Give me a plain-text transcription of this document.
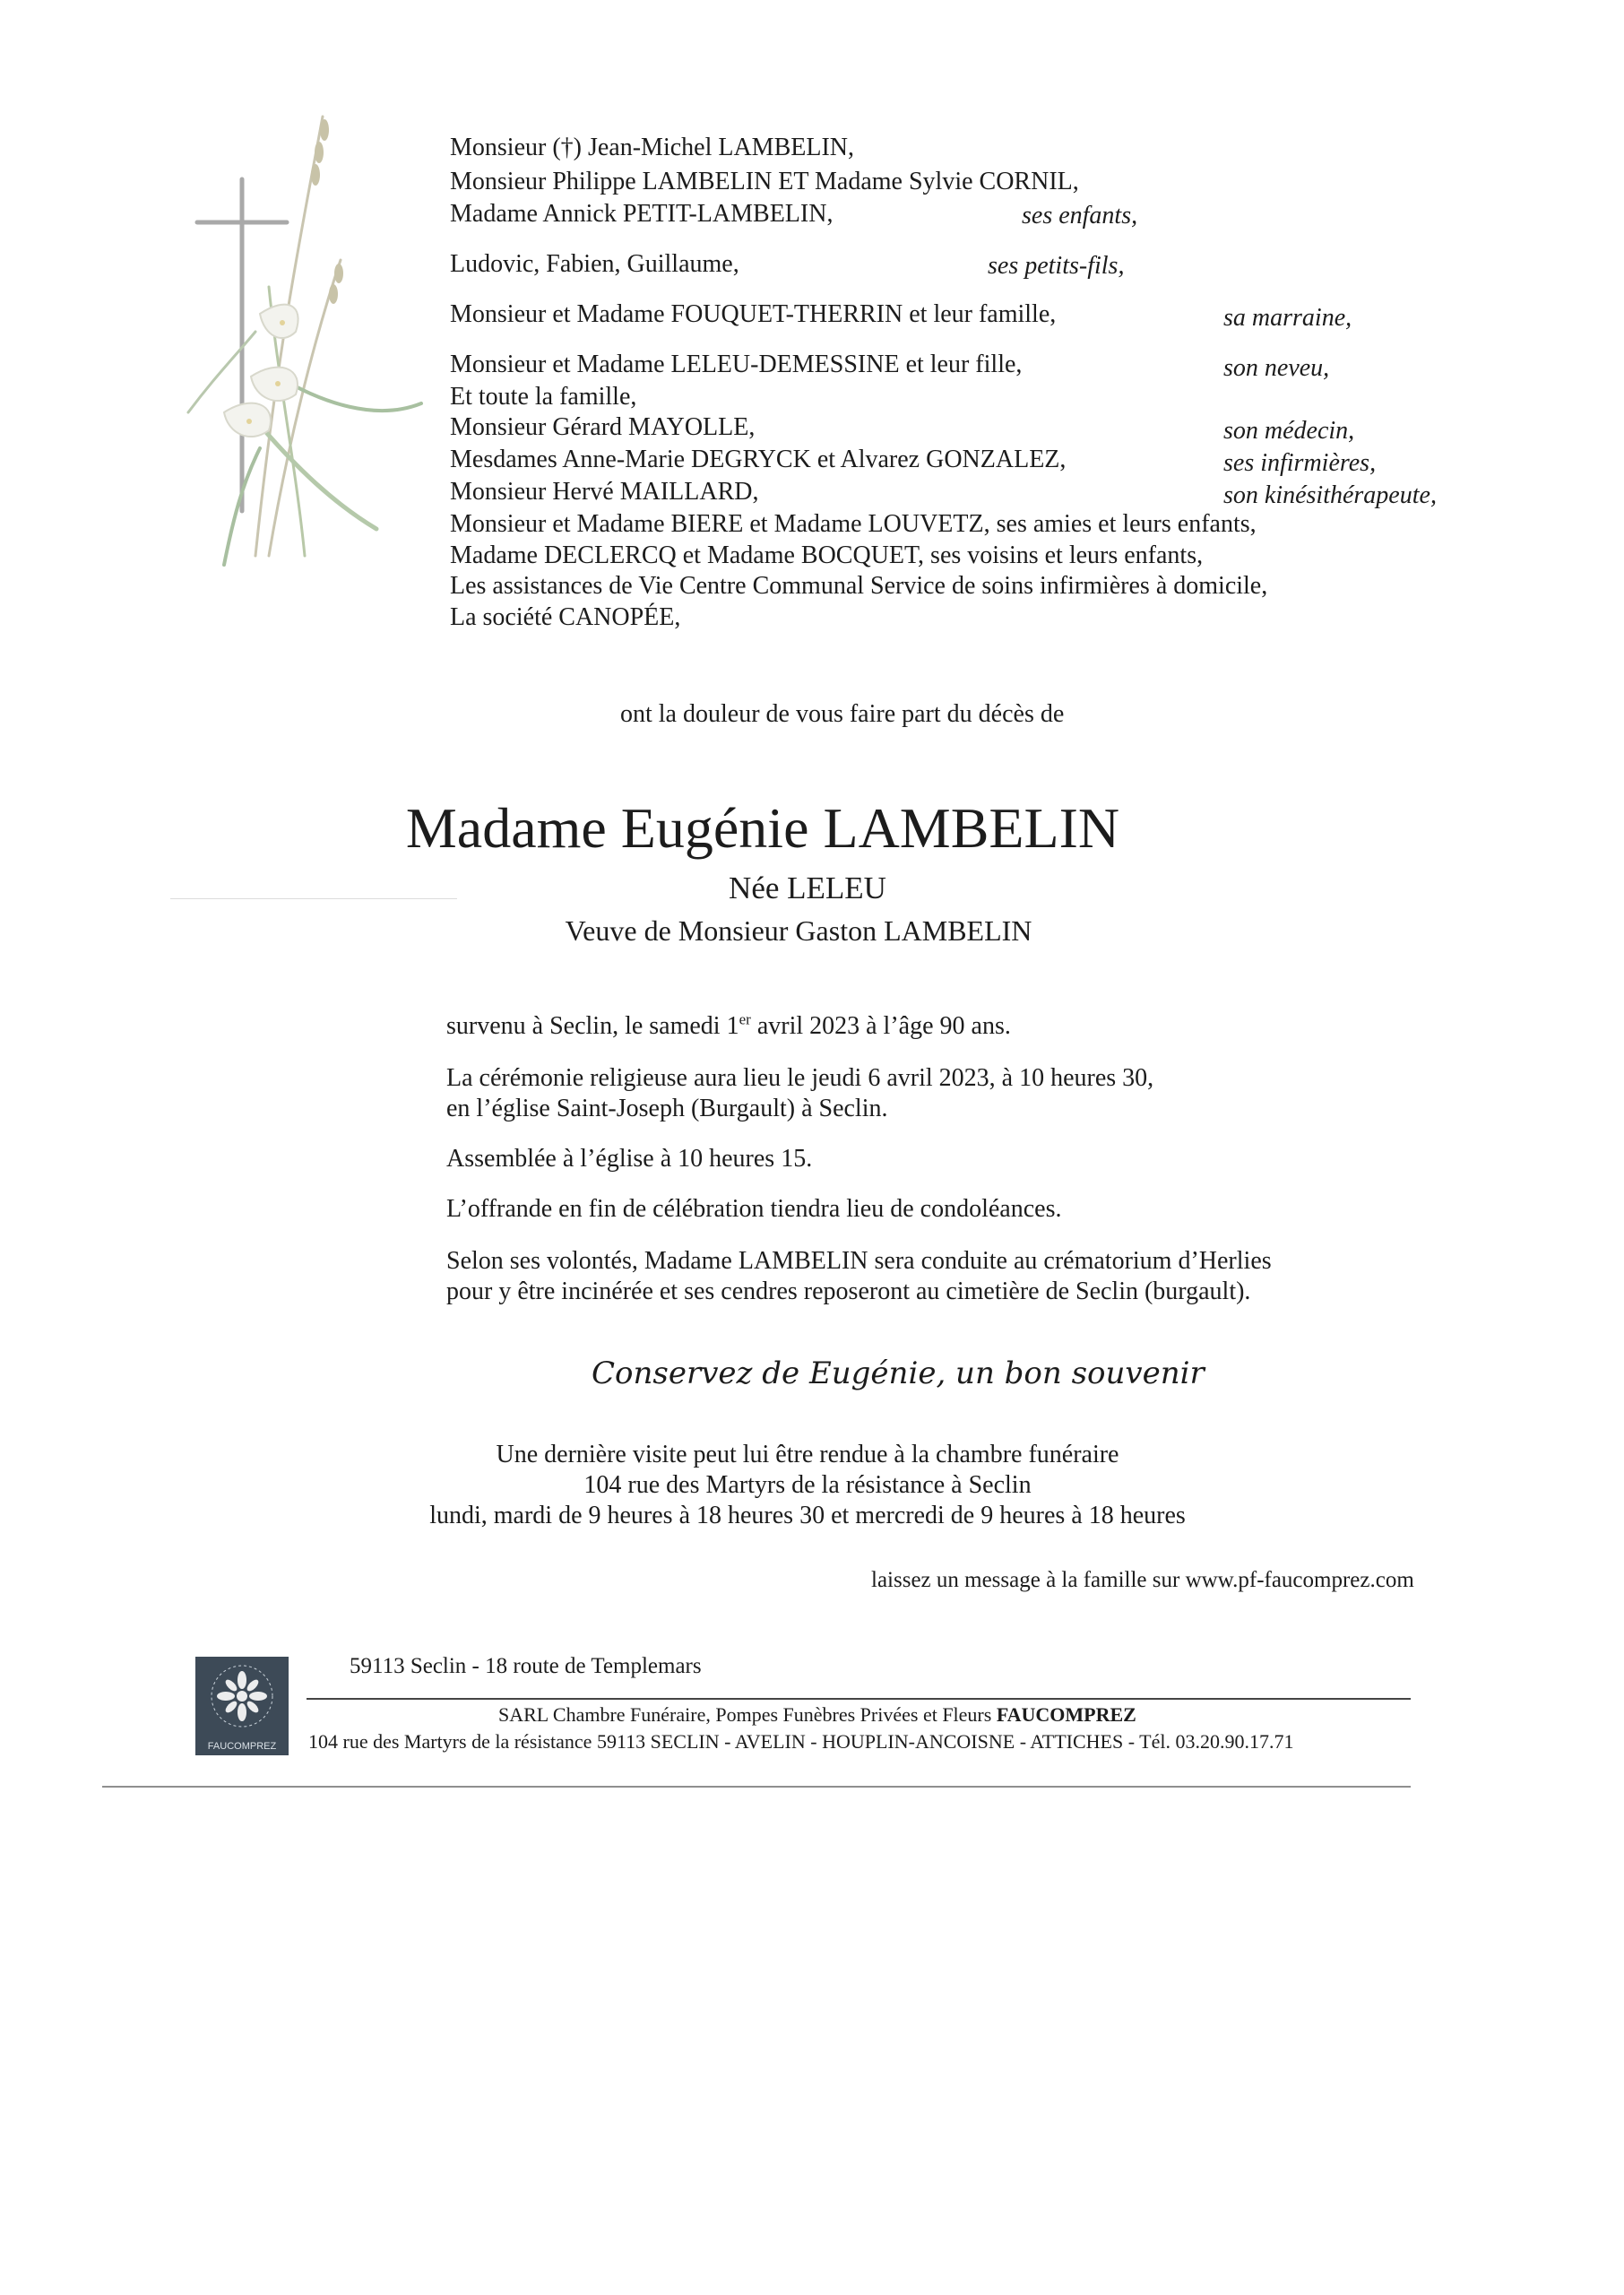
Monsieur (†) Jean-Michel LAMBELIN,
Monsieur Philippe LAMBELIN ET Madame Sylvie CORNIL,
Madame Annick PETIT-LAMBELIN,	ses enfants,
Ludovic, Fabien, Guillaume,	ses petits-fils,
Monsieur et Madame FOUQUET-THERRIN et leur famille,	sa marraine,
Monsieur et Madame LELEU-DEMESSINE et leur fille,	son neveu,
Et toute la famille,
Monsieur Gérard MAYOLLE,	son médecin,
Mesdames Anne-Marie DEGRYCK et Alvarez GONZALEZ,	ses infirmières,
Monsieur Hervé MAILLARD,	son kinésithérapeute,
Monsieur et Madame BIERE et Madame LOUVETZ, ses amies et leurs enfants,
Madame DECLERCQ et Madame BOCQUET, ses voisins et leurs enfants,
Les assistances de Vie Centre Communal Service de soins infirmières à domicile,
La société CANOPÉE,
ont la douleur de vous faire part du décès de
Madame Eugénie LAMBELIN
Née LELEU
Veuve de Monsieur Gaston LAMBELIN
survenu à Seclin, le samedi 1er avril 2023 à l’âge 90 ans.
La cérémonie religieuse aura lieu le jeudi 6 avril 2023, à 10 heures 30,
en l’église Saint-Joseph (Burgault) à Seclin.
Assemblée à l’église à 10 heures 15.
L’offrande en fin de célébration tiendra lieu de condoléances.
Selon ses volontés, Madame LAMBELIN sera conduite au crématorium d’Herlies
pour y être incinérée et ses cendres reposeront au cimetière de Seclin (burgault).
Conservez de Eugénie, un bon souvenir
Une dernière visite peut lui être rendue à la chambre funéraire
104 rue des Martyrs de la résistance à Seclin
lundi, mardi de 9 heures à 18 heures 30 et mercredi de 9 heures à 18 heures
laissez un message à la famille sur www.pf-faucomprez.com
FAUCOMPREZ
59113 Seclin - 18 route de Templemars
SARL Chambre Funéraire, Pompes Funèbres Privées et Fleurs FAUCOMPREZ
104 rue des Martyrs de la résistance 59113 SECLIN - AVELIN - HOUPLIN-ANCOISNE - ATTICHES - Tél. 03.20.90.17.71
